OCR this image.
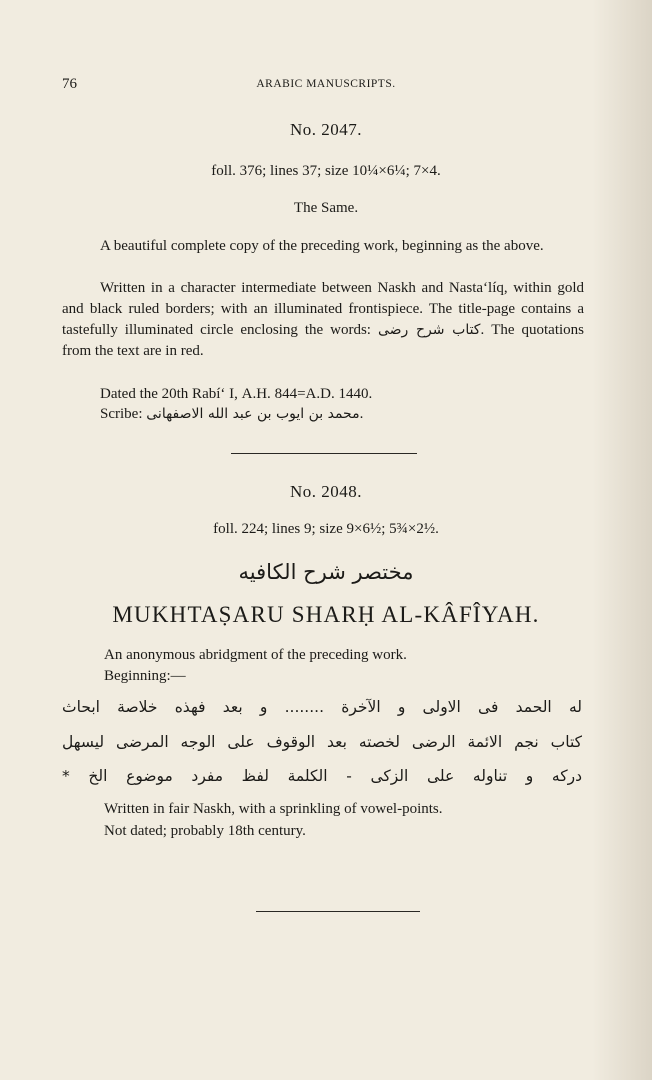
76	ARABIC MANUSCRIPTS.
No. 2047.
foll. 376; lines 37; size 10¼×6¼; 7×4.
The Same.
A beautiful complete copy of the preceding work, beginning as the above.
Written in a character intermediate between Naskh and Nasta‘líq, within gold and black ruled borders; with an illuminated frontispiece. The title-page contains a tastefully illuminated circle enclosing the words: كتاب شرح رضى. The quotations from the text are in red.
Dated the 20th Rabí‘ I, A.H. 844=A.D. 1440.
Scribe: محمد بن ايوب بن عبد الله الاصفهانى.
No. 2048.
foll. 224; lines 9; size 9×6½; 5¾×2½.
مختصر شرح الكافيه
MUKHTAṢARU SHARḤ AL-KÂFÎYAH.
An anonymous abridgment of the preceding work.
Beginning:—
له الحمد فى الاولى و الآخرة ........ و بعد فهذه خلاصة ابحاث
كتاب نجم الائمة الرضى لخصته بعد الوقوف على الوجه المرضى ليسهل
دركه و تناوله على الزكى - الكلمة لفظ مفرد موضوع الخ *
Written in fair Naskh, with a sprinkling of vowel-points.
Not dated; probably 18th century.
